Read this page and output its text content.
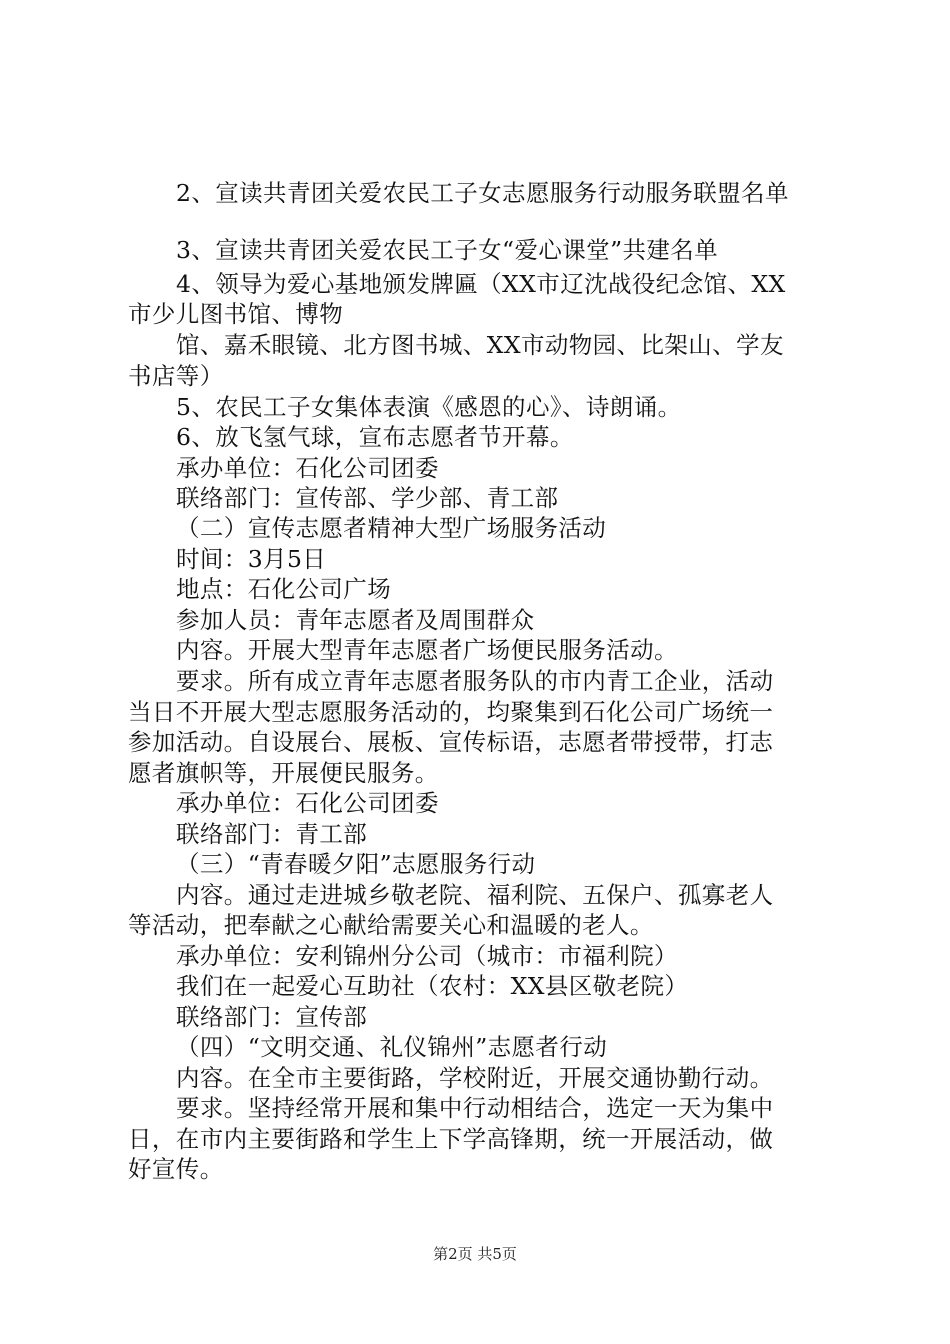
2、宣读共青团关爱农民工子女志愿服务行动服务联盟名单
3、宣读共青团关爱农民工子女“爱心课堂”共建名单
4、领导为爱心基地颁发牌匾（XX市辽沈战役纪念馆、XX
市少儿图书馆、博物
馆、嘉禾眼镜、北方图书城、XX市动物园、比架山、学友
书店等）
5、农民工子女集体表演《感恩的心》、诗朗诵。
6、放飞氢气球，宣布志愿者节开幕。
承办单位：石化公司团委
联络部门：宣传部、学少部、青工部
（二）宣传志愿者精神大型广场服务活动
时间：3月5日
地点：石化公司广场
参加人员：青年志愿者及周围群众
内容。开展大型青年志愿者广场便民服务活动。
要求。所有成立青年志愿者服务队的市内青工企业，活动
当日不开展大型志愿服务活动的，均聚集到石化公司广场统一
参加活动。自设展台、展板、宣传标语，志愿者带授带，打志
愿者旗帜等，开展便民服务。
承办单位：石化公司团委
联络部门：青工部
（三）“青春暖夕阳”志愿服务行动
内容。通过走进城乡敬老院、福利院、五保户、孤寡老人
等活动，把奉献之心献给需要关心和温暖的老人。
承办单位：安利锦州分公司（城市：市福利院）
我们在一起爱心互助社（农村：XX县区敬老院）
联络部门：宣传部
（四）“文明交通、礼仪锦州”志愿者行动
内容。在全市主要街路，学校附近，开展交通协勤行动。
要求。坚持经常开展和集中行动相结合，选定一天为集中
日，在市内主要街路和学生上下学高锋期，统一开展活动，做
好宣传。
第2页 共5页
